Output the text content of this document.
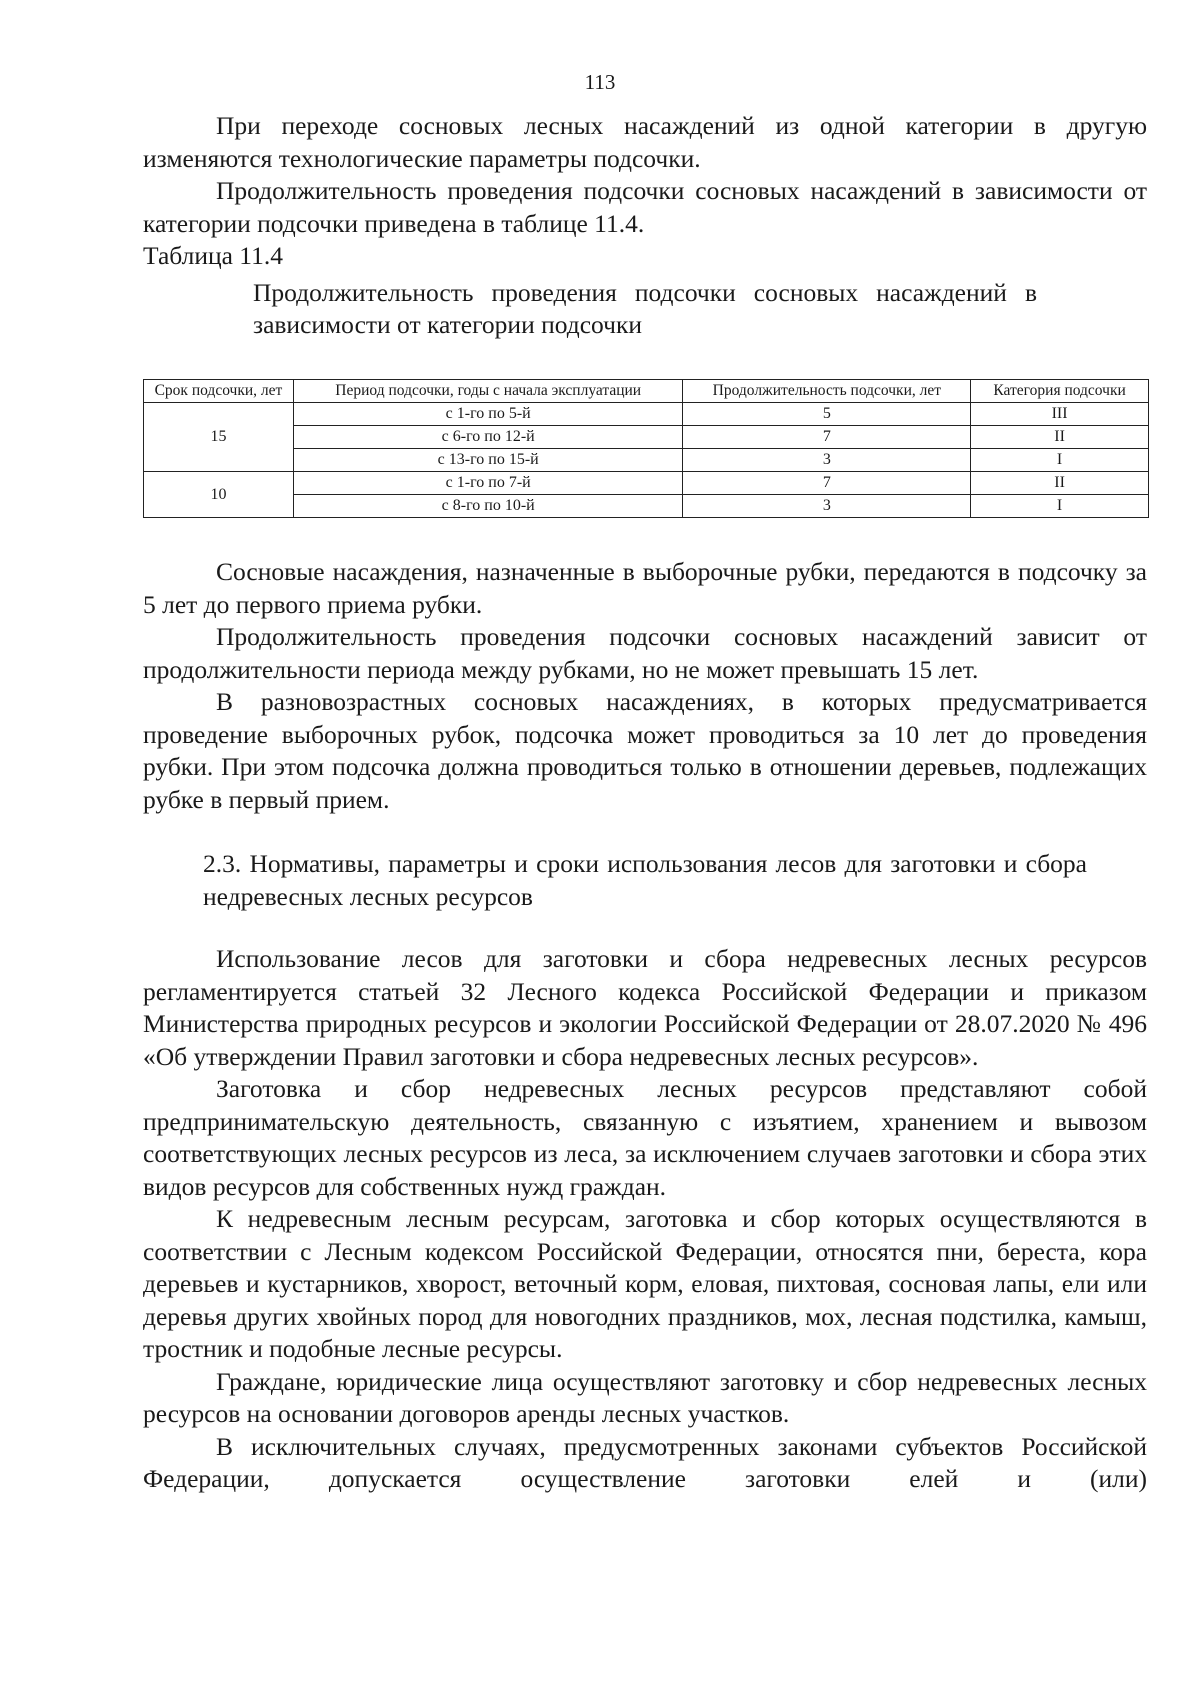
113

При переходе сосновых лесных насаждений из одной категории в другую изменяются технологические параметры подсочки.

Продолжительность проведения подсочки сосновых насаждений в зависимости от категории подсочки приведена в таблице 11.4.

Таблица 11.4

Продолжительность проведения подсочки сосновых насаждений в зависимости от категории подсочки

Срок подсочки, лет	Период подсочки, годы с начала эксплуатации	Продолжительность подсочки, лет	Категория подсочки
15	с 1-го по 5-й	5	III
	с 6-го по 12-й	7	II
	с 13-го по 15-й	3	I
10	с 1-го по 7-й	7	II
	с 8-го по 10-й	3	I

Сосновые насаждения, назначенные в выборочные рубки, передаются в подсочку за 5 лет до первого приема рубки.

Продолжительность проведения подсочки сосновых насаждений зависит от продолжительности периода между рубками, но не может превышать 15 лет.

В разновозрастных сосновых насаждениях, в которых предусматривается проведение выборочных рубок, подсочка может проводиться за 10 лет до проведения рубки. При этом подсочка должна проводиться только в отношении деревьев, подлежащих рубке в первый прием.

2.3. Нормативы, параметры и сроки использования лесов для заготовки и сбора недревесных лесных ресурсов

Использование лесов для заготовки и сбора недревесных лесных ресурсов регламентируется статьей 32 Лесного кодекса Российской Федерации и приказом Министерства природных ресурсов и экологии Российской Федерации от 28.07.2020 № 496 «Об утверждении Правил заготовки и сбора недревесных лесных ресурсов».

Заготовка и сбор недревесных лесных ресурсов представляют собой предпринимательскую деятельность, связанную с изъятием, хранением и вывозом соответствующих лесных ресурсов из леса, за исключением случаев заготовки и сбора этих видов ресурсов для собственных нужд граждан.

К недревесным лесным ресурсам, заготовка и сбор которых осуществляются в соответствии с Лесным кодексом Российской Федерации, относятся пни, береста, кора деревьев и кустарников, хворост, веточный корм, еловая, пихтовая, сосновая лапы, ели или деревья других хвойных пород для новогодних праздников, мох, лесная подстилка, камыш, тростник и подобные лесные ресурсы.

Граждане, юридические лица осуществляют заготовку и сбор недревесных лесных ресурсов на основании договоров аренды лесных участков.

В исключительных случаях, предусмотренных законами субъектов Российской Федерации, допускается осуществление заготовки елей и (или)
